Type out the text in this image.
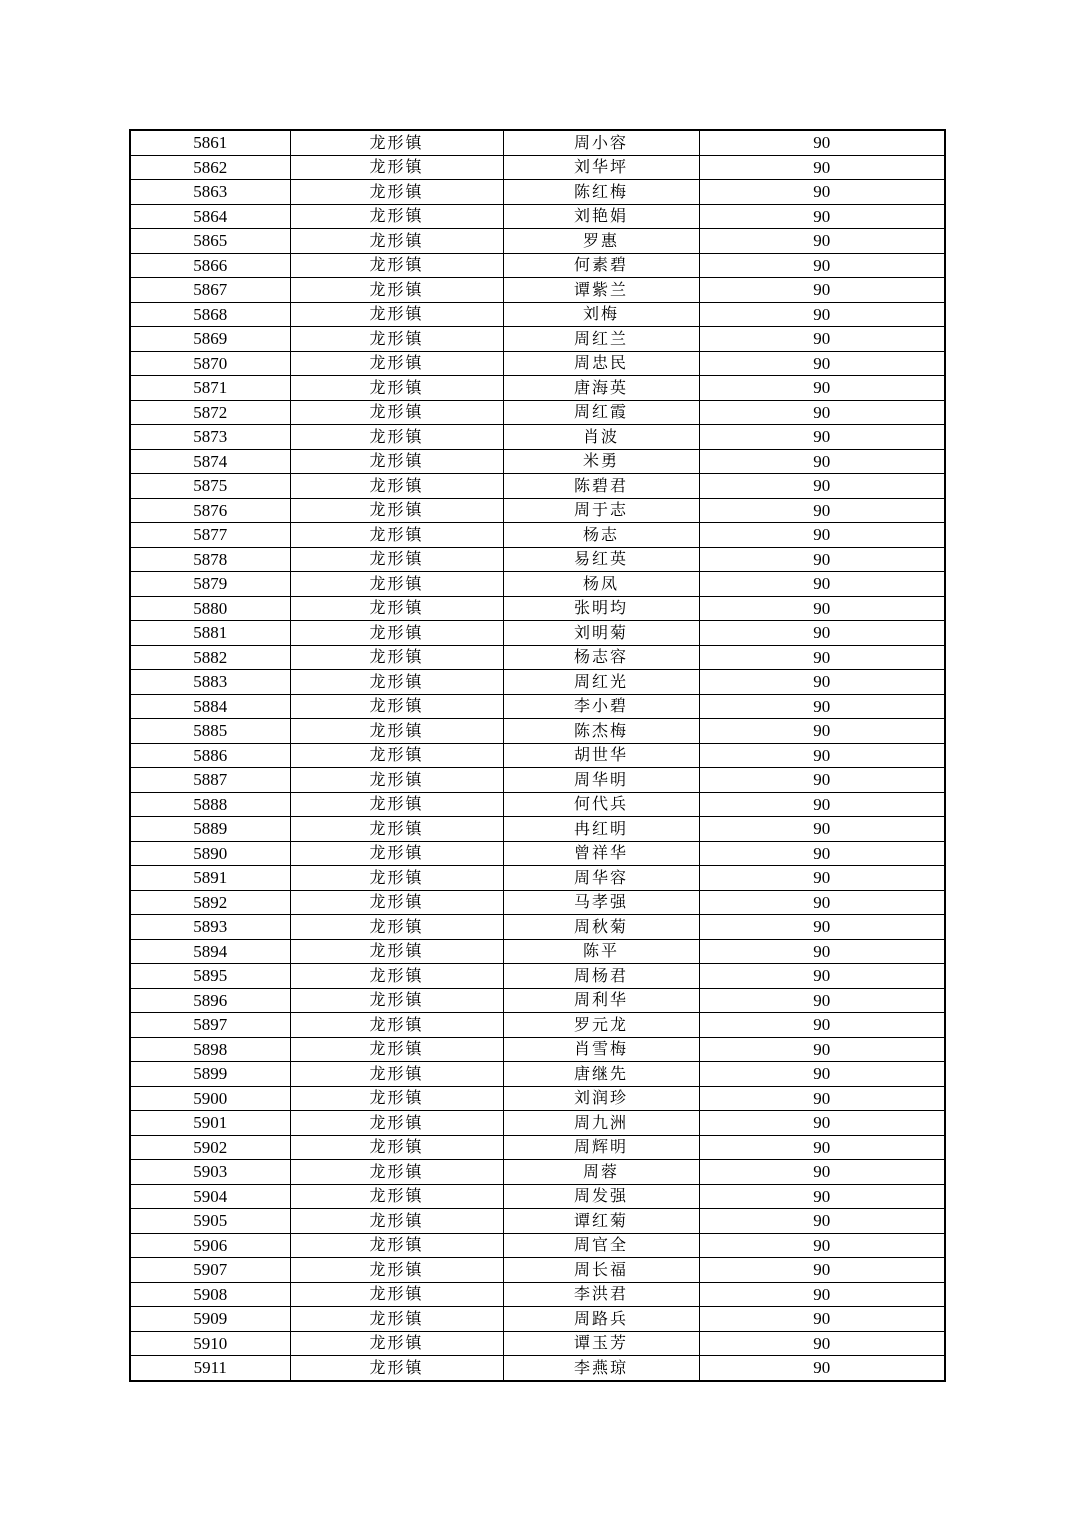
5861	龙形镇	周小容	90
5862	龙形镇	刘华坪	90
5863	龙形镇	陈红梅	90
5864	龙形镇	刘艳娟	90
5865	龙形镇	罗惠	90
5866	龙形镇	何素碧	90
5867	龙形镇	谭紫兰	90
5868	龙形镇	刘梅	90
5869	龙形镇	周红兰	90
5870	龙形镇	周忠民	90
5871	龙形镇	唐海英	90
5872	龙形镇	周红霞	90
5873	龙形镇	肖波	90
5874	龙形镇	米勇	90
5875	龙形镇	陈碧君	90
5876	龙形镇	周于志	90
5877	龙形镇	杨志	90
5878	龙形镇	易红英	90
5879	龙形镇	杨凤	90
5880	龙形镇	张明均	90
5881	龙形镇	刘明菊	90
5882	龙形镇	杨志容	90
5883	龙形镇	周红光	90
5884	龙形镇	李小碧	90
5885	龙形镇	陈杰梅	90
5886	龙形镇	胡世华	90
5887	龙形镇	周华明	90
5888	龙形镇	何代兵	90
5889	龙形镇	冉红明	90
5890	龙形镇	曾祥华	90
5891	龙形镇	周华容	90
5892	龙形镇	马孝强	90
5893	龙形镇	周秋菊	90
5894	龙形镇	陈平	90
5895	龙形镇	周杨君	90
5896	龙形镇	周利华	90
5897	龙形镇	罗元龙	90
5898	龙形镇	肖雪梅	90
5899	龙形镇	唐继先	90
5900	龙形镇	刘润珍	90
5901	龙形镇	周九洲	90
5902	龙形镇	周辉明	90
5903	龙形镇	周蓉	90
5904	龙形镇	周发强	90
5905	龙形镇	谭红菊	90
5906	龙形镇	周官全	90
5907	龙形镇	周长福	90
5908	龙形镇	李洪君	90
5909	龙形镇	周路兵	90
5910	龙形镇	谭玉芳	90
5911	龙形镇	李燕琼	90
